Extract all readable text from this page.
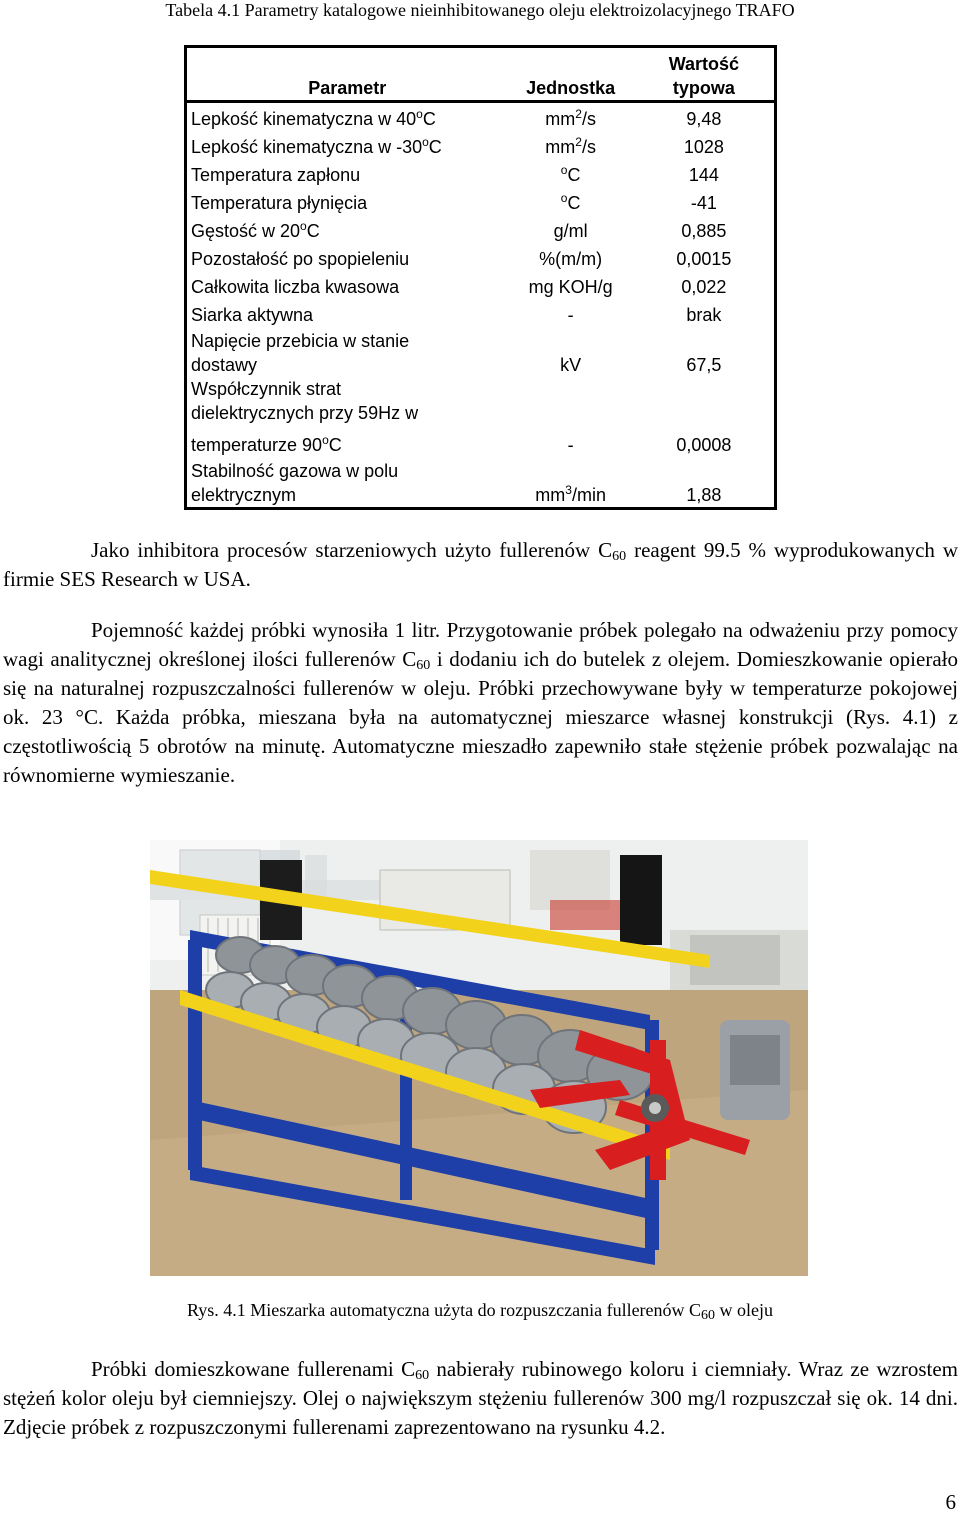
Tabela 4.1 Parametry katalogowe nieinhibitowanego oleju elektroizolacyjnego TRAFO
Parametr	Jednostka	Wartość
typowa
Lepkość kinematyczna w 40$^o$C	$mm^2/s$	9,48
Lepkość kinematyczna w -30$^o$C	$mm^2/s$	1028
Temperatura zapłonu	$^o$C	144
Temperatura płynięcia	$^o$C	-41
Gęstość w 20$^o$C	g/ml	0,885
Pozostałość po spopieleniu	%(m/m)	0,0015
Całkowita liczba kwasowa	mg KOH/g	0,022
Siarka aktywna	-	brak
Napięcie przebicia w stanie
dostawy	kV	67,5
Współczynnik strat
dielektrycznych przy 59Hz w
temperaturze 90$^o$C	-	0,0008
Stabilność gazowa w polu
elektrycznym	$mm^3/\min$	1,88
Jako inhibitora procesów starzeniowych użyto fullerenów $C_{60}$ reagent 99.5 % wyprodukowanych w firmie SES Research w USA.
Pojemność każdej próbki wynosiła 1 litr. Przygotowanie próbek polegało na odważeniu przy pomocy wagi analitycznej określonej ilości fullerenów $C_{60}$ i dodaniu ich do butelek z olejem. Domieszkowanie opierało się na naturalnej rozpuszczalności fullerenów w oleju. Próbki przechowywane były w temperaturze pokojowej ok. 23 °C. Każda próbka, mieszana była na automatycznej mieszarce własnej konstrukcji (Rys. 4.1) z częstotliwością 5 obrotów na minutę. Automatyczne mieszadło zapewniło stałe stężenie próbek pozwalając na równomierne wymieszanie.
Rys. 4.1 Mieszarka automatyczna użyta do rozpuszczania fullerenów $C_{60}$ w oleju
Próbki domieszkowane fullerenami $C_{60}$ nabierały rubinowego koloru i ciemniały. Wraz ze wzrostem stężeń kolor oleju był ciemniejszy. Olej o największym stężeniu fullerenów 300 mg/l rozpuszczał się ok. 14 dni. Zdjęcie próbek z rozpuszczonymi fullerenami zaprezentowano na rysunku 4.2.
6
